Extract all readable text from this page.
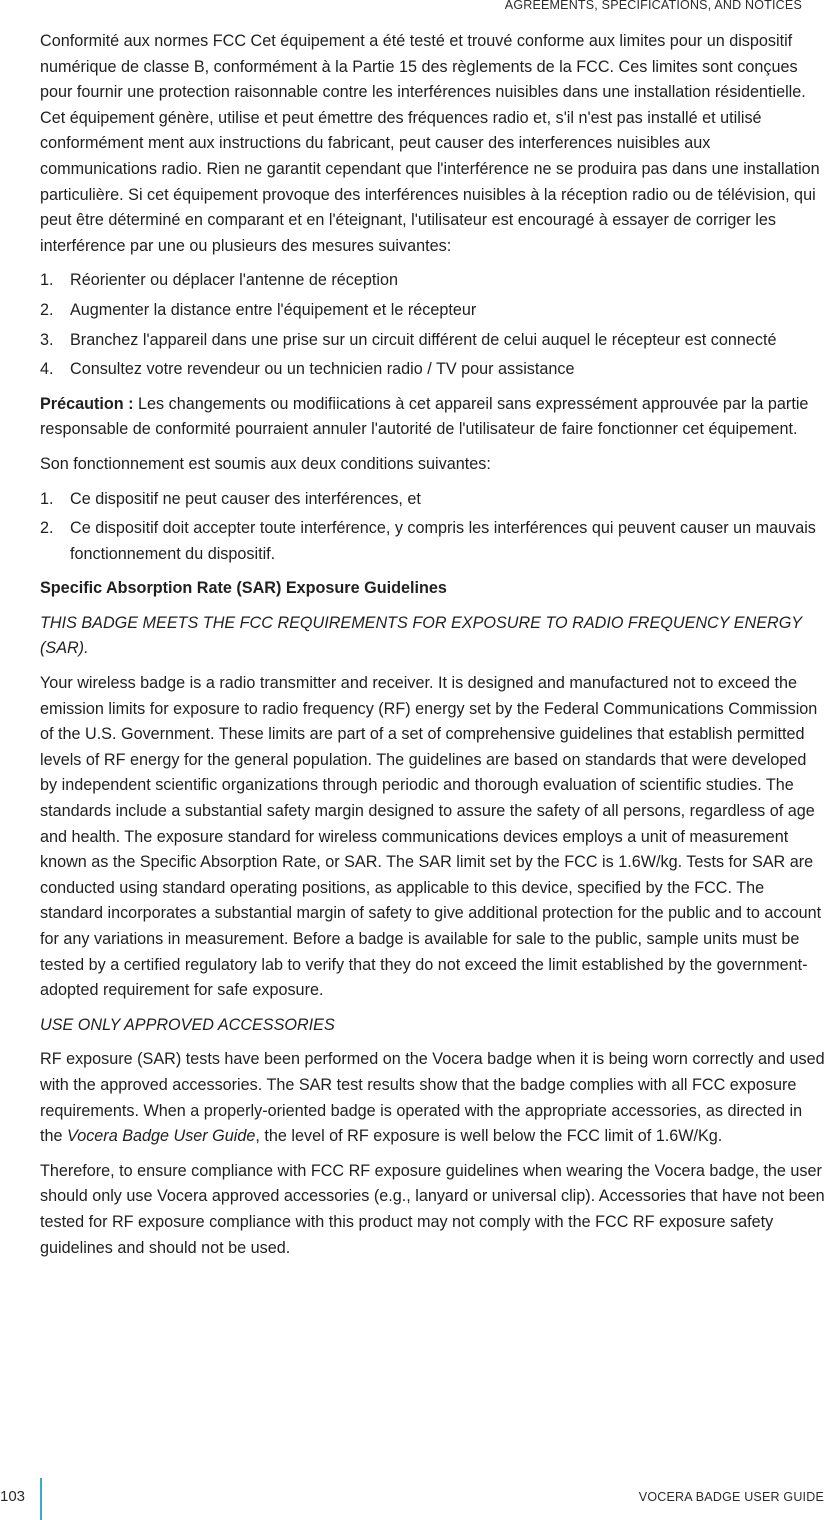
AGREEMENTS, SPECIFICATIONS, AND NOTICES

Conformité aux normes FCC Cet équipement a été testé et trouvé conforme aux limites pour un dispositif numérique de classe B, conformément à la Partie 15 des règlements de la FCC. Ces limites sont conçues pour fournir une protection raisonnable contre les interférences nuisibles dans une installation résidentielle. Cet équipement génère, utilise et peut émettre des fréquences radio et, s'il n'est pas installé et utilisé conformément ment aux instructions du fabricant, peut causer des interferences nuisibles aux communications radio. Rien ne garantit cependant que l'interférence ne se produira pas dans une installation particulière. Si cet équipement provoque des interférences nuisibles à la réception radio ou de télévision, qui peut être déterminé en comparant et en l'éteignant, l'utilisateur est encouragé à essayer de corriger les interférence par une ou plusieurs des mesures suivantes:

1.	Réorienter ou déplacer l'antenne de réception
2.	Augmenter la distance entre l'équipement et le récepteur
3.	Branchez l'appareil dans une prise sur un circuit différent de celui auquel le récepteur est connecté
4.	Consultez votre revendeur ou un technicien radio / TV pour assistance

Précaution : Les changements ou modifiications à cet appareil sans expressément approuvée par la partie responsable de conformité pourraient annuler l'autorité de l'utilisateur de faire fonctionner cet équipement.

Son fonctionnement est soumis aux deux conditions suivantes:

1.	Ce dispositif ne peut causer des interférences, et
2.	Ce dispositif doit accepter toute interférence, y compris les interférences qui peuvent causer un mauvais fonctionnement du dispositif.

Specific Absorption Rate (SAR) Exposure Guidelines

THIS BADGE MEETS THE FCC REQUIREMENTS FOR EXPOSURE TO RADIO FREQUENCY ENERGY (SAR).

Your wireless badge is a radio transmitter and receiver. It is designed and manufactured not to exceed the emission limits for exposure to radio frequency (RF) energy set by the Federal Communications Commission of the U.S. Government. These limits are part of a set of comprehensive guidelines that establish permitted levels of RF energy for the general population. The guidelines are based on standards that were developed by independent scientific organizations through periodic and thorough evaluation of scientific studies. The standards include a substantial safety margin designed to assure the safety of all persons, regardless of age and health. The exposure standard for wireless communications devices employs a unit of measurement known as the Specific Absorption Rate, or SAR. The SAR limit set by the FCC is 1.6W/kg. Tests for SAR are conducted using standard operating positions, as applicable to this device, specified by the FCC. The standard incorporates a substantial margin of safety to give additional protection for the public and to account for any variations in measurement. Before a badge is available for sale to the public, sample units must be tested by a certified regulatory lab to verify that they do not exceed the limit established by the government-adopted requirement for safe exposure.

USE ONLY APPROVED ACCESSORIES

RF exposure (SAR) tests have been performed on the Vocera badge when it is being worn correctly and used with the approved accessories. The SAR test results show that the badge complies with all FCC exposure requirements. When a properly-oriented badge is operated with the appropriate accessories, as directed in the Vocera Badge User Guide, the level of RF exposure is well below the FCC limit of 1.6W/Kg.

Therefore, to ensure compliance with FCC RF exposure guidelines when wearing the Vocera badge, the user should only use Vocera approved accessories (e.g., lanyard or universal clip). Accessories that have not been tested for RF exposure compliance with this product may not comply with the FCC RF exposure safety guidelines and should not be used.

103	VOCERA BADGE USER GUIDE
